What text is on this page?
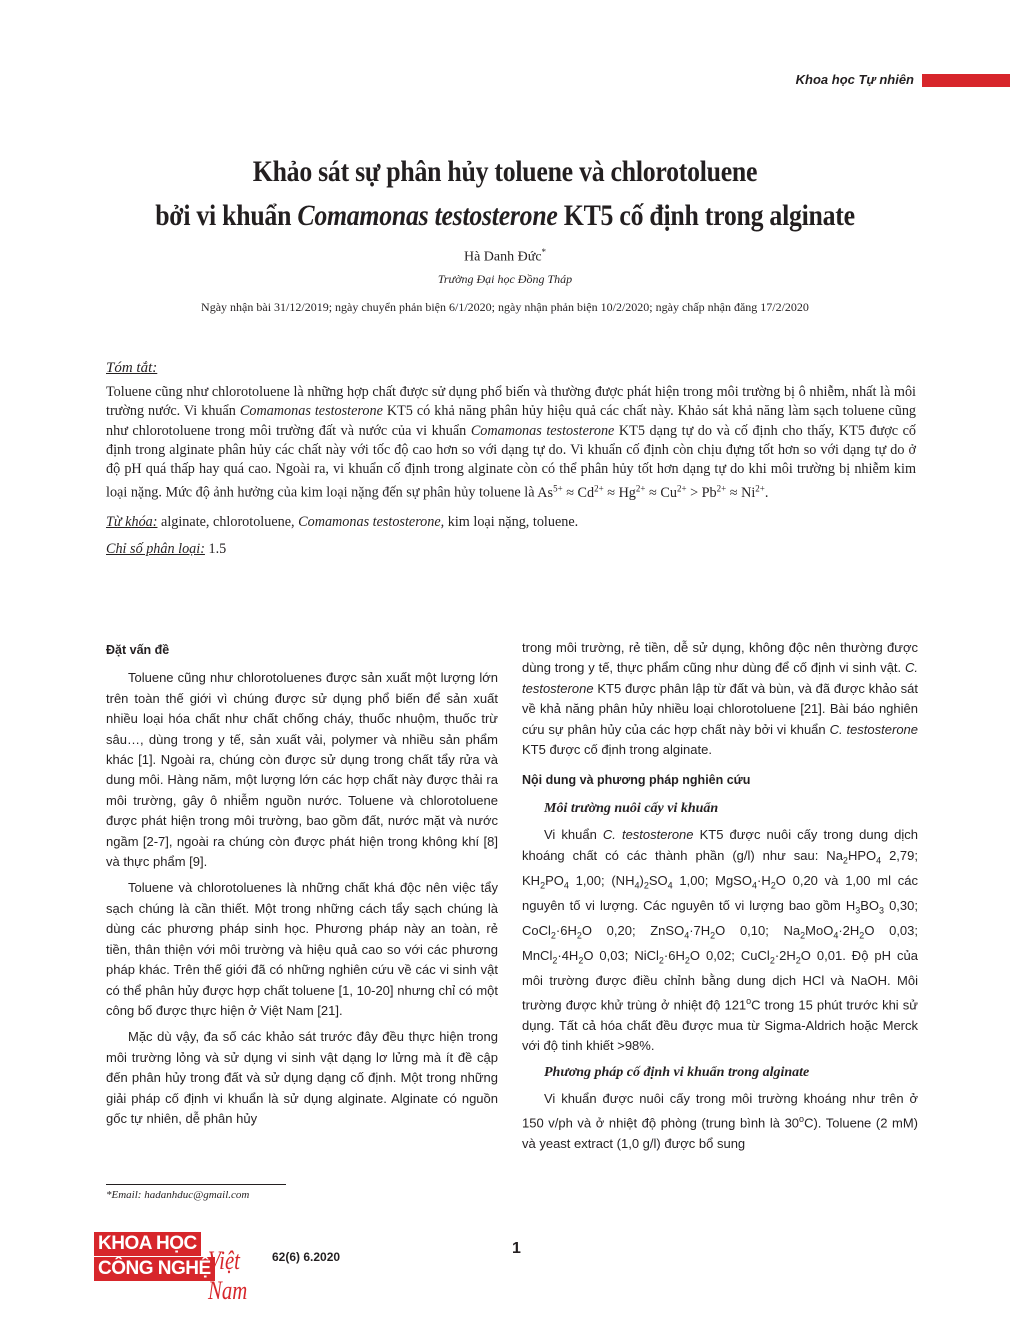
Khoa học Tự nhiên
Khảo sát sự phân hủy toluene và chlorotoluene
bởi vi khuẩn Comamonas testosterone KT5 cố định trong alginate
Hà Danh Đức*
Trường Đại học Đồng Tháp
Ngày nhận bài 31/12/2019; ngày chuyển phản biện 6/1/2020; ngày nhận phản biện 10/2/2020; ngày chấp nhận đăng 17/2/2020
Tóm tắt:
Toluene cũng như chlorotoluene là những hợp chất được sử dụng phổ biến và thường được phát hiện trong môi trường bị ô nhiễm, nhất là môi trường nước. Vi khuẩn Comamonas testosterone KT5 có khả năng phân hủy hiệu quả các chất này. Khảo sát khả năng làm sạch toluene cũng như chlorotoluene trong môi trường đất và nước của vi khuẩn Comamonas testosterone KT5 dạng tự do và cố định cho thấy, KT5 được cố định trong alginate phân hủy các chất này với tốc độ cao hơn so với dạng tự do. Vi khuẩn cố định còn chịu đựng tốt hơn so với dạng tự do ở độ pH quá thấp hay quá cao. Ngoài ra, vi khuẩn cố định trong alginate còn có thể phân hủy tốt hơn dạng tự do khi môi trường bị nhiễm kim loại nặng. Mức độ ảnh hưởng của kim loại nặng đến sự phân hủy toluene là $As^{5+} \approx Cd^{2+} \approx Hg^{2+} \approx Cu^{2+} > Pb^{2+} \approx Ni^{2+}$.
Từ khóa: alginate, chlorotoluene, Comamonas testosterone, kim loại nặng, toluene.
Chỉ số phân loại: 1.5
Đặt vấn đề

Toluene cũng như chlorotoluenes được sản xuất một lượng lớn trên toàn thế giới vì chúng được sử dụng phổ biến để sản xuất nhiều loại hóa chất như chất chống cháy, thuốc nhuộm, thuốc trừ sâu…, dùng trong y tế, sản xuất vải, polymer và nhiều sản phẩm khác [1]. Ngoài ra, chúng còn được sử dụng trong chất tẩy rửa và dung môi. Hàng năm, một lượng lớn các hợp chất này được thải ra môi trường, gây ô nhiễm nguồn nước. Toluene và chlorotoluene được phát hiện trong môi trường, bao gồm đất, nước mặt và nước ngầm [2-7], ngoài ra chúng còn được phát hiện trong không khí [8] và thực phẩm [9].

Toluene và chlorotoluenes là những chất khá độc nên việc tẩy sạch chúng là cần thiết. Một trong những cách tẩy sạch chúng là dùng các phương pháp sinh học. Phương pháp này an toàn, rẻ tiền, thân thiện với môi trường và hiệu quả cao so với các phương pháp khác. Trên thế giới đã có những nghiên cứu về các vi sinh vật có thể phân hủy được hợp chất toluene [1, 10-20] nhưng chỉ có một công bố được thực hiện ở Việt Nam [21].

Mặc dù vậy, đa số các khảo sát trước đây đều thực hiện trong môi trường lỏng và sử dụng vi sinh vật dạng lơ lửng mà ít đề cập đến phân hủy trong đất và sử dụng dạng cố định. Một trong những giải pháp cố định vi khuẩn là sử dụng alginate. Alginate có nguồn gốc tự nhiên, dễ phân hủy

trong môi trường, rẻ tiền, dễ sử dụng, không độc nên thường được dùng trong y tế, thực phẩm cũng như dùng để cố định vi sinh vật. C. testosterone KT5 được phân lập từ đất và bùn, và đã được khảo sát về khả năng phân hủy nhiều loại chlorotoluene [21]. Bài báo nghiên cứu sự phân hủy của các hợp chất này bởi vi khuẩn C. testosterone KT5 được cố định trong alginate.

Nội dung và phương pháp nghiên cứu
Môi trường nuôi cấy vi khuẩn

Vi khuẩn C. testosterone KT5 được nuôi cấy trong dung dịch khoáng chất có các thành phần (g/l) như sau: $Na_2HPO_4$ 2,79; $KH_2PO_4$ 1,00; $(NH_4)_2SO_4$ 1,00; $MgSO_4\cdot H_2O$ 0,20 và 1,00 ml các nguyên tố vi lượng. Các nguyên tố vi lượng bao gồm $H_3BO_3$ 0,30; $CoCl_2\cdot 6H_2O$ 0,20; $ZnSO_4\cdot 7H_2O$ 0,10; $Na_2MoO_4\cdot 2H_2O$ 0,03; $MnCl_2\cdot 4H_2O$ 0,03; $NiCl_2\cdot 6H_2O$ 0,02; $CuCl_2\cdot 2H_2O$ 0,01. Độ pH của môi trường được điều chỉnh bằng dung dịch HCl và NaOH. Môi trường được khử trùng ở nhiệt độ 121$^o$C trong 15 phút trước khi sử dụng. Tất cả hóa chất đều được mua từ Sigma-Aldrich hoặc Merck với độ tinh khiết >98%.

Phương pháp cố định vi khuẩn trong alginate

Vi khuẩn được nuôi cấy trong môi trường khoáng như trên ở 150 v/ph và ở nhiệt độ phòng (trung bình là 30$^o$C). Toluene (2 mM) và yeast extract (1,0 g/l) được bổ sung

*Email: hadanhduc@gmail.com
KHOA HỌC
CÔNG NGHỆ
Việt Nam
62(6) 6.2020	1
